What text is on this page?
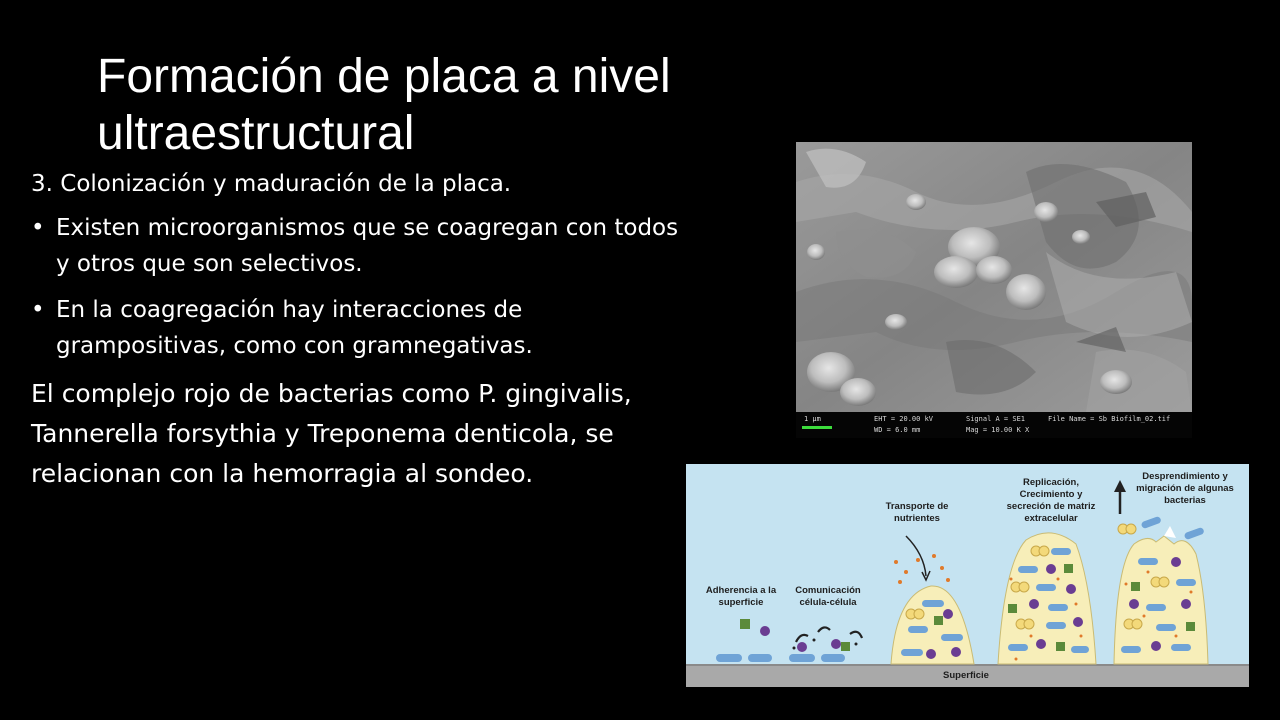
Formación de placa a nivel ultraestructural

3. Colonización y maduración de la placa.

• Existen microorganismos que se coagregan con todos y otros que son selectivos.
• En la coagregación hay interacciones de grampositivas, como con gramnegativas.

El complejo rojo de bacterias como P. gingivalis, Tannerella forsythia y Treponema denticola, se relacionan con la hemorragia al sondeo.

1 µm	EHT = 20.00 kV
WD = 6.0 mm
Signal A = SE1
Mag = 10.00 K X
File Name = Sb Biofilm_02.tif
Adherencia a la superficie
Comunicación célula-célula
Transporte de nutrientes
Replicación, Crecimiento y secreción de matriz extracelular
Desprendimiento y migración de algunas bacterias
Superficie
